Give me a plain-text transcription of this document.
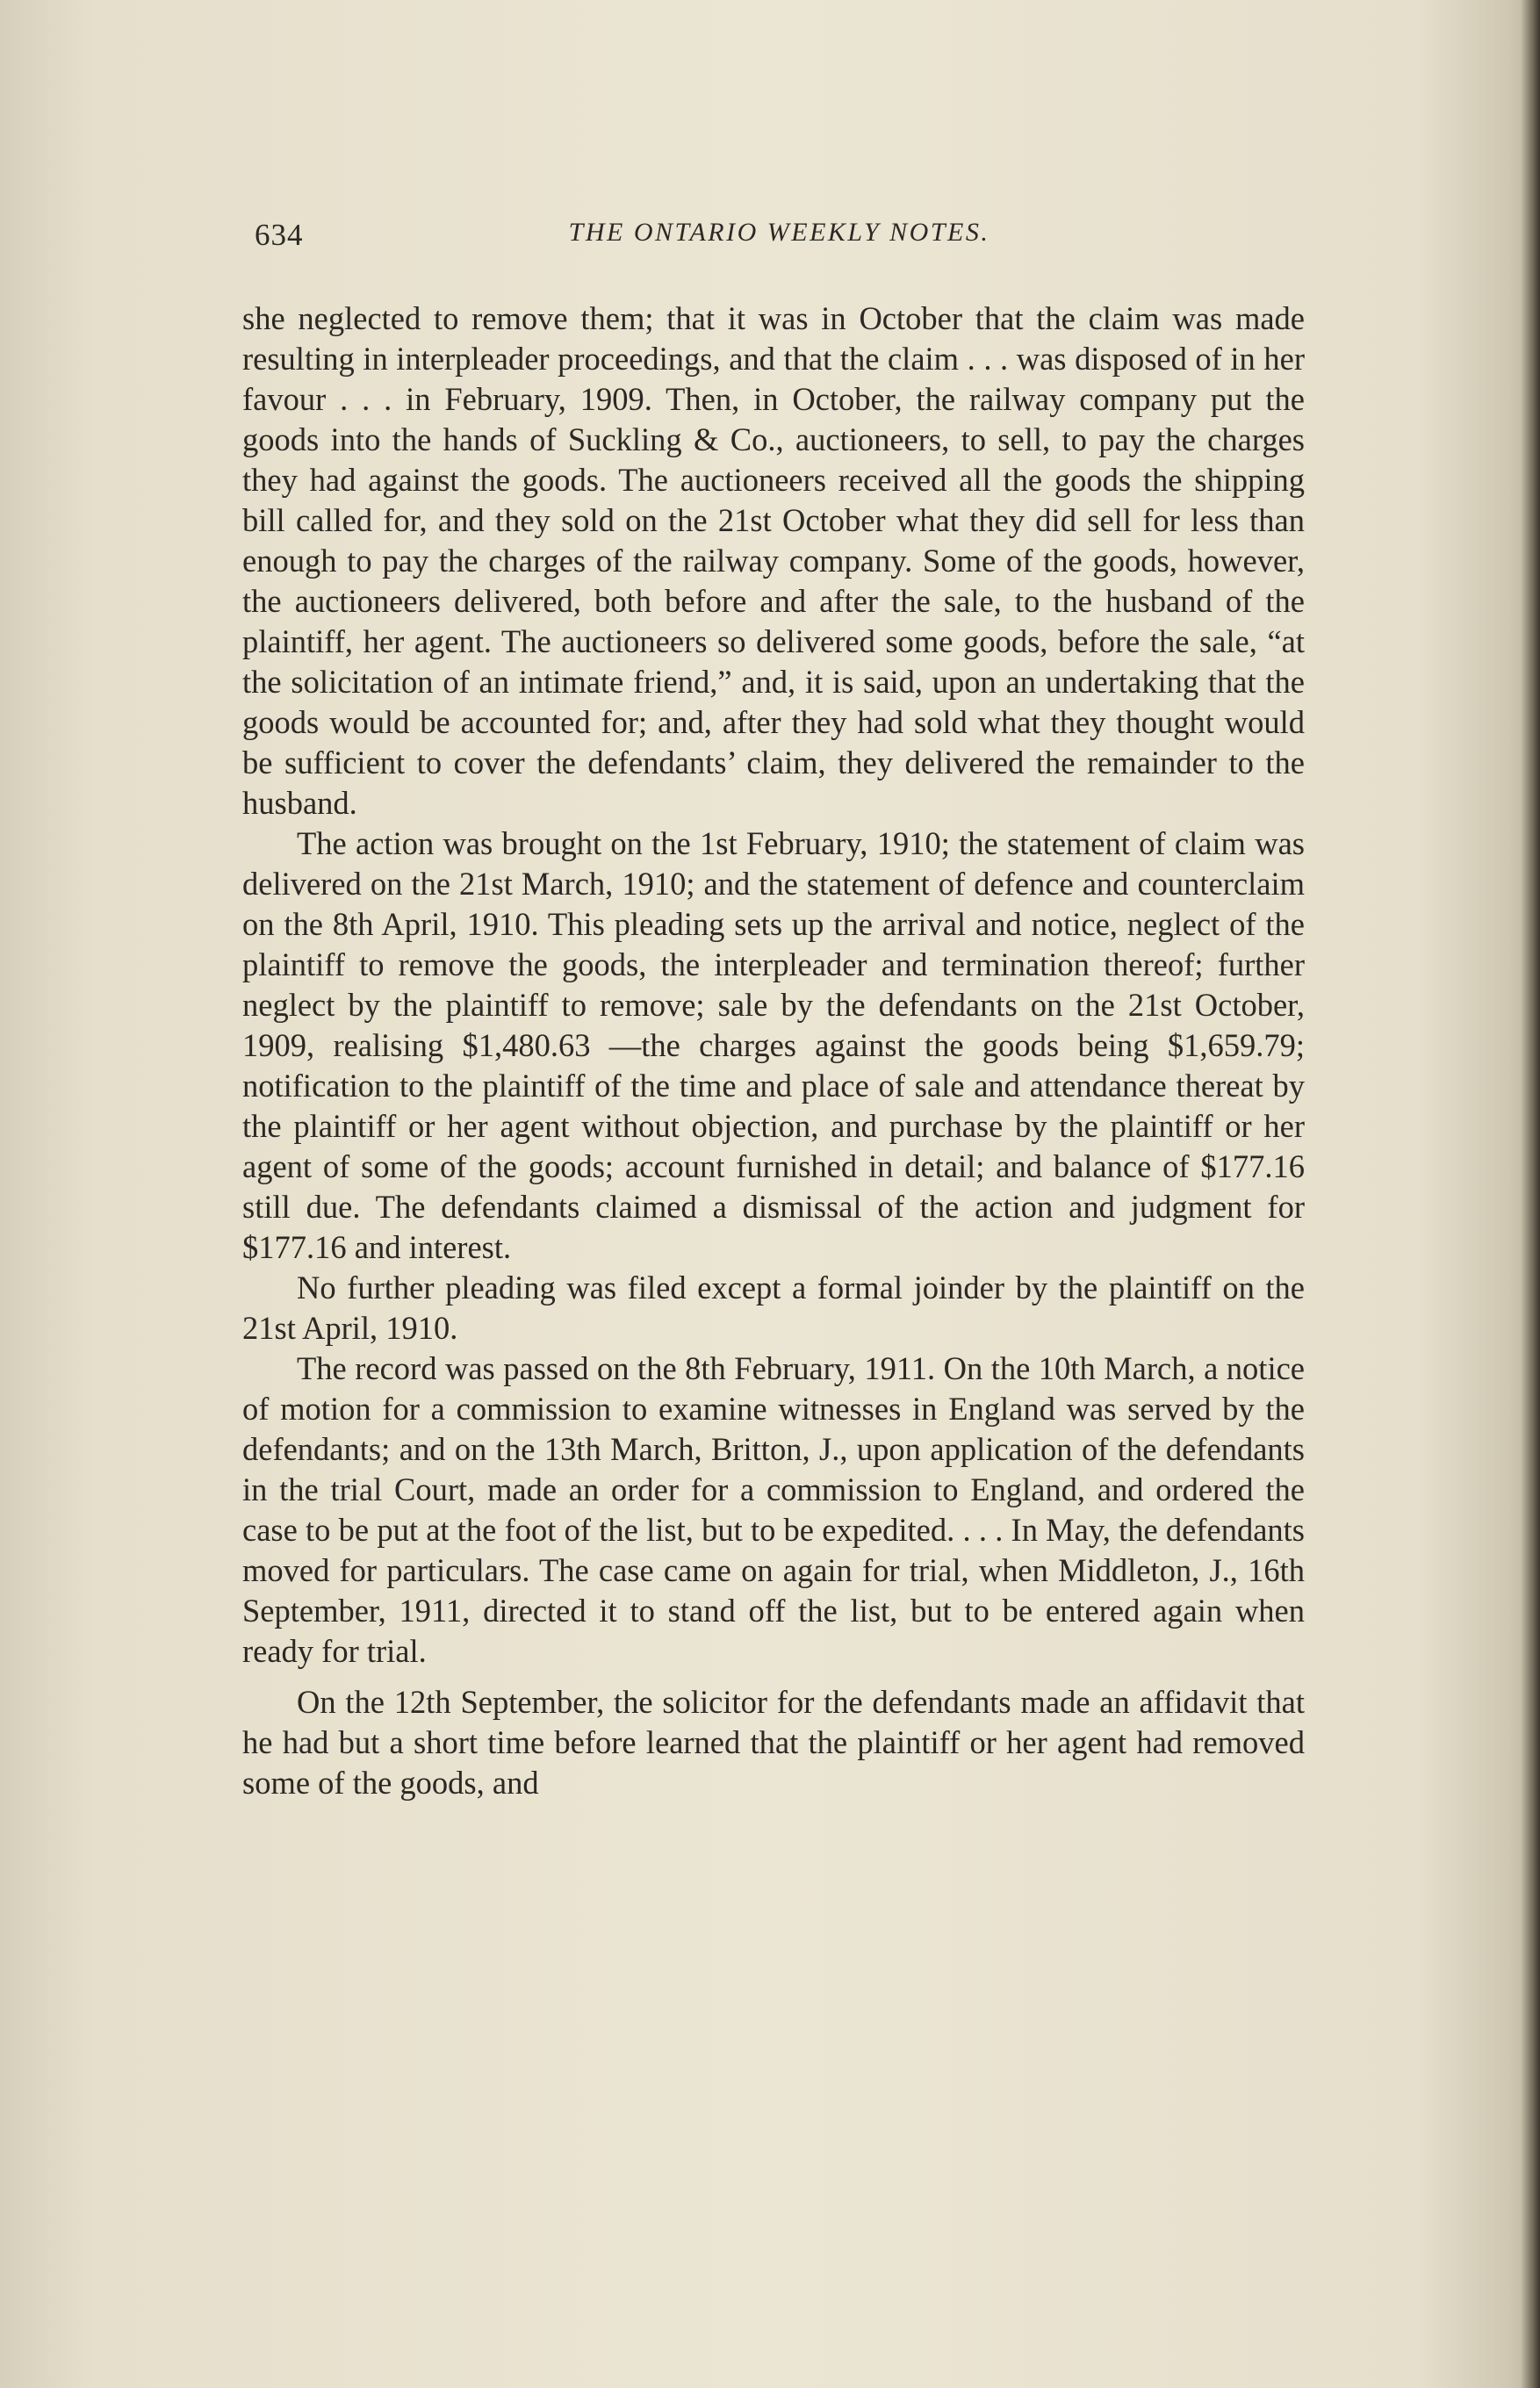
634	THE ONTARIO WEEKLY NOTES.

she neglected to remove them; that it was in October that the claim was made resulting in interpleader proceedings, and that the claim . . . was disposed of in her favour . . . in February, 1909. Then, in October, the railway company put the goods into the hands of Suckling & Co., auctioneers, to sell, to pay the charges they had against the goods. The auctioneers received all the goods the shipping bill called for, and they sold on the 21st October what they did sell for less than enough to pay the charges of the railway company. Some of the goods, however, the auctioneers delivered, both before and after the sale, to the husband of the plaintiff, her agent. The auctioneers so delivered some goods, before the sale, “at the solicitation of an intimate friend,” and, it is said, upon an undertaking that the goods would be accounted for; and, after they had sold what they thought would be sufficient to cover the defendants’ claim, they delivered the remainder to the husband.

The action was brought on the 1st February, 1910; the statement of claim was delivered on the 21st March, 1910; and the statement of defence and counterclaim on the 8th April, 1910. This pleading sets up the arrival and notice, neglect of the plaintiff to remove the goods, the interpleader and termination thereof; further neglect by the plaintiff to remove; sale by the defendants on the 21st October, 1909, realising $1,480.63 —the charges against the goods being $1,659.79; notification to the plaintiff of the time and place of sale and attendance thereat by the plaintiff or her agent without objection, and purchase by the plaintiff or her agent of some of the goods; account furnished in detail; and balance of $177.16 still due. The defendants claimed a dismissal of the action and judgment for $177.16 and interest.

No further pleading was filed except a formal joinder by the plaintiff on the 21st April, 1910.

The record was passed on the 8th February, 1911. On the 10th March, a notice of motion for a commission to examine witnesses in England was served by the defendants; and on the 13th March, Britton, J., upon application of the defendants in the trial Court, made an order for a commission to England, and ordered the case to be put at the foot of the list, but to be expedited. . . . In May, the defendants moved for particulars. The case came on again for trial, when Middleton, J., 16th September, 1911, directed it to stand off the list, but to be entered again when ready for trial.

On the 12th September, the solicitor for the defendants made an affidavit that he had but a short time before learned that the plaintiff or her agent had removed some of the goods, and
